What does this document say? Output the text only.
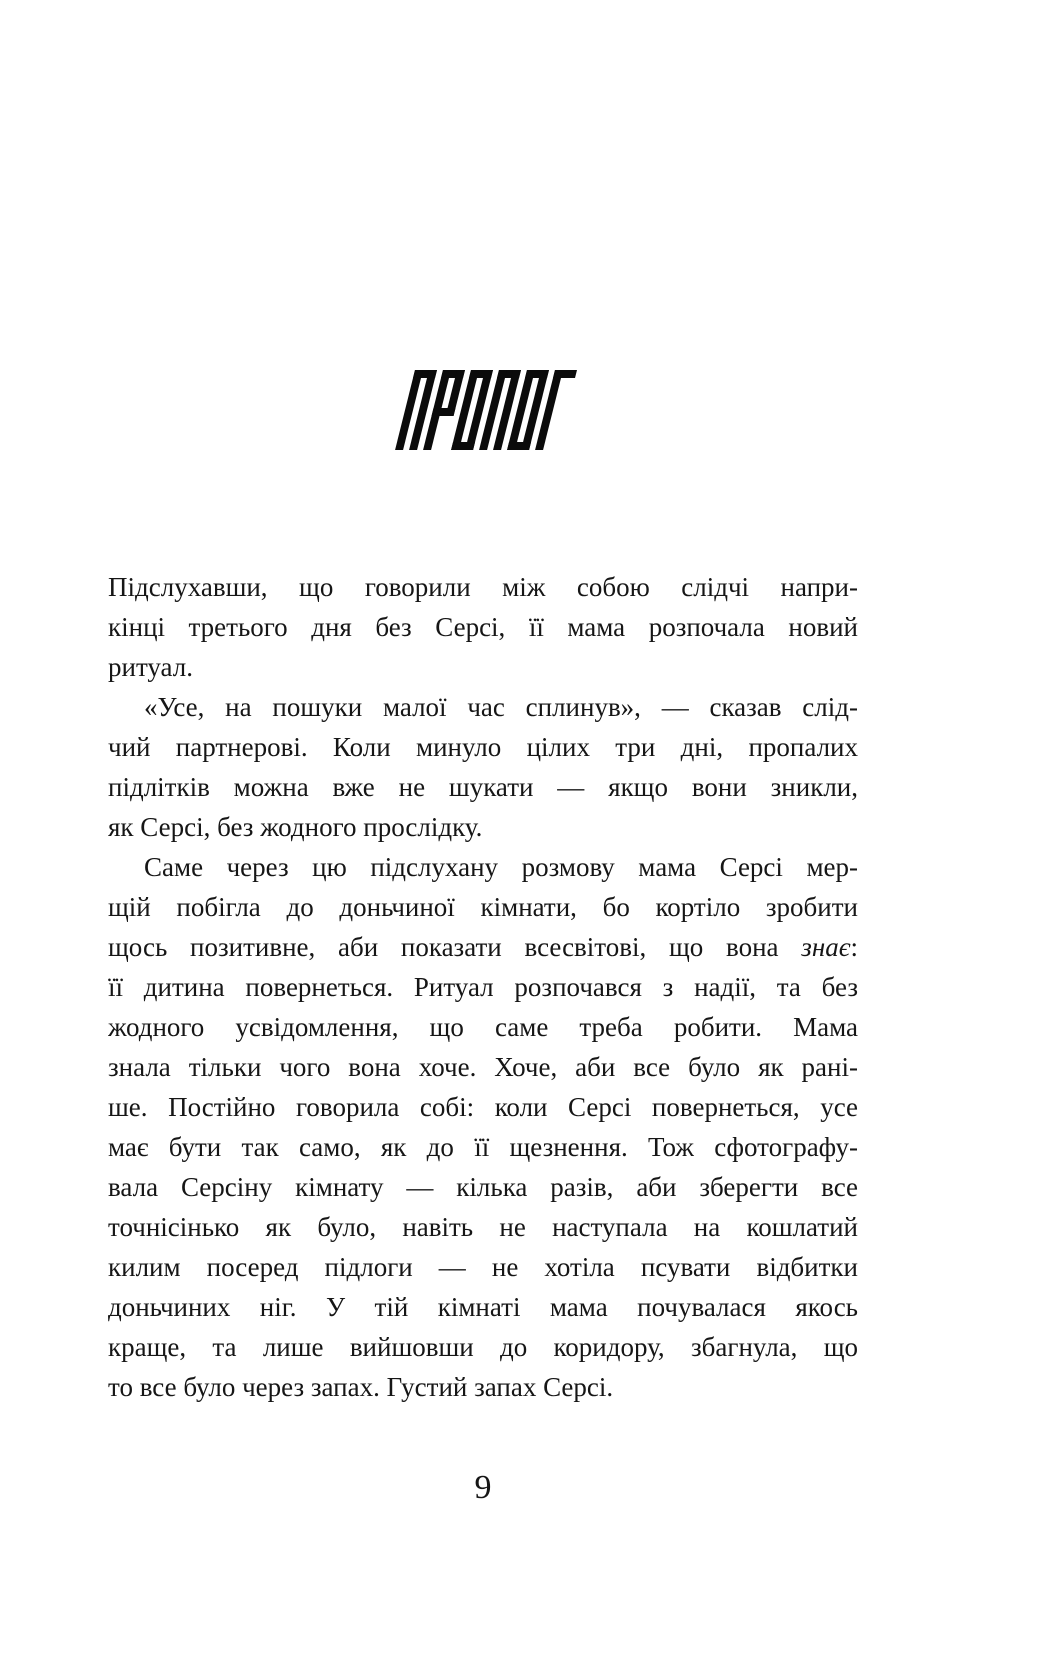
Підслухавши, що говорили між собою слідчі напри-
кінці третього дня без Серсі, її мама розпочала новий
ритуал.
«Усе, на пошуки малої час сплинув», — сказав слід-
чий партнерові. Коли минуло цілих три дні, пропалих
підлітків можна вже не шукати — якщо вони зникли,
як Серсі, без жодного прослідку.
Саме через цю підслухану розмову мама Серсі мер-
щій побігла до доньчиної кімнати, бо кортіло зробити
щось позитивне, аби показати всесвітові, що вона знає:
її дитина повернеться. Ритуал розпочався з надії, та без
жодного усвідомлення, що саме треба робити. Мама
знала тільки чого вона хоче. Хоче, аби все було як рані-
ше. Постійно говорила собі: коли Серсі повернеться, усе
має бути так само, як до її щезнення. Тож сфотографу-
вала Серсіну кімнату — кілька разів, аби зберегти все
точнісінько як було, навіть не наступала на кошлатий
килим посеред підлоги — не хотіла псувати відбитки
доньчиних ніг. У тій кімнаті мама почувалася якось
краще, та лише вийшовши до коридору, збагнула, що
то все було через запах. Густий запах Серсі.
9
